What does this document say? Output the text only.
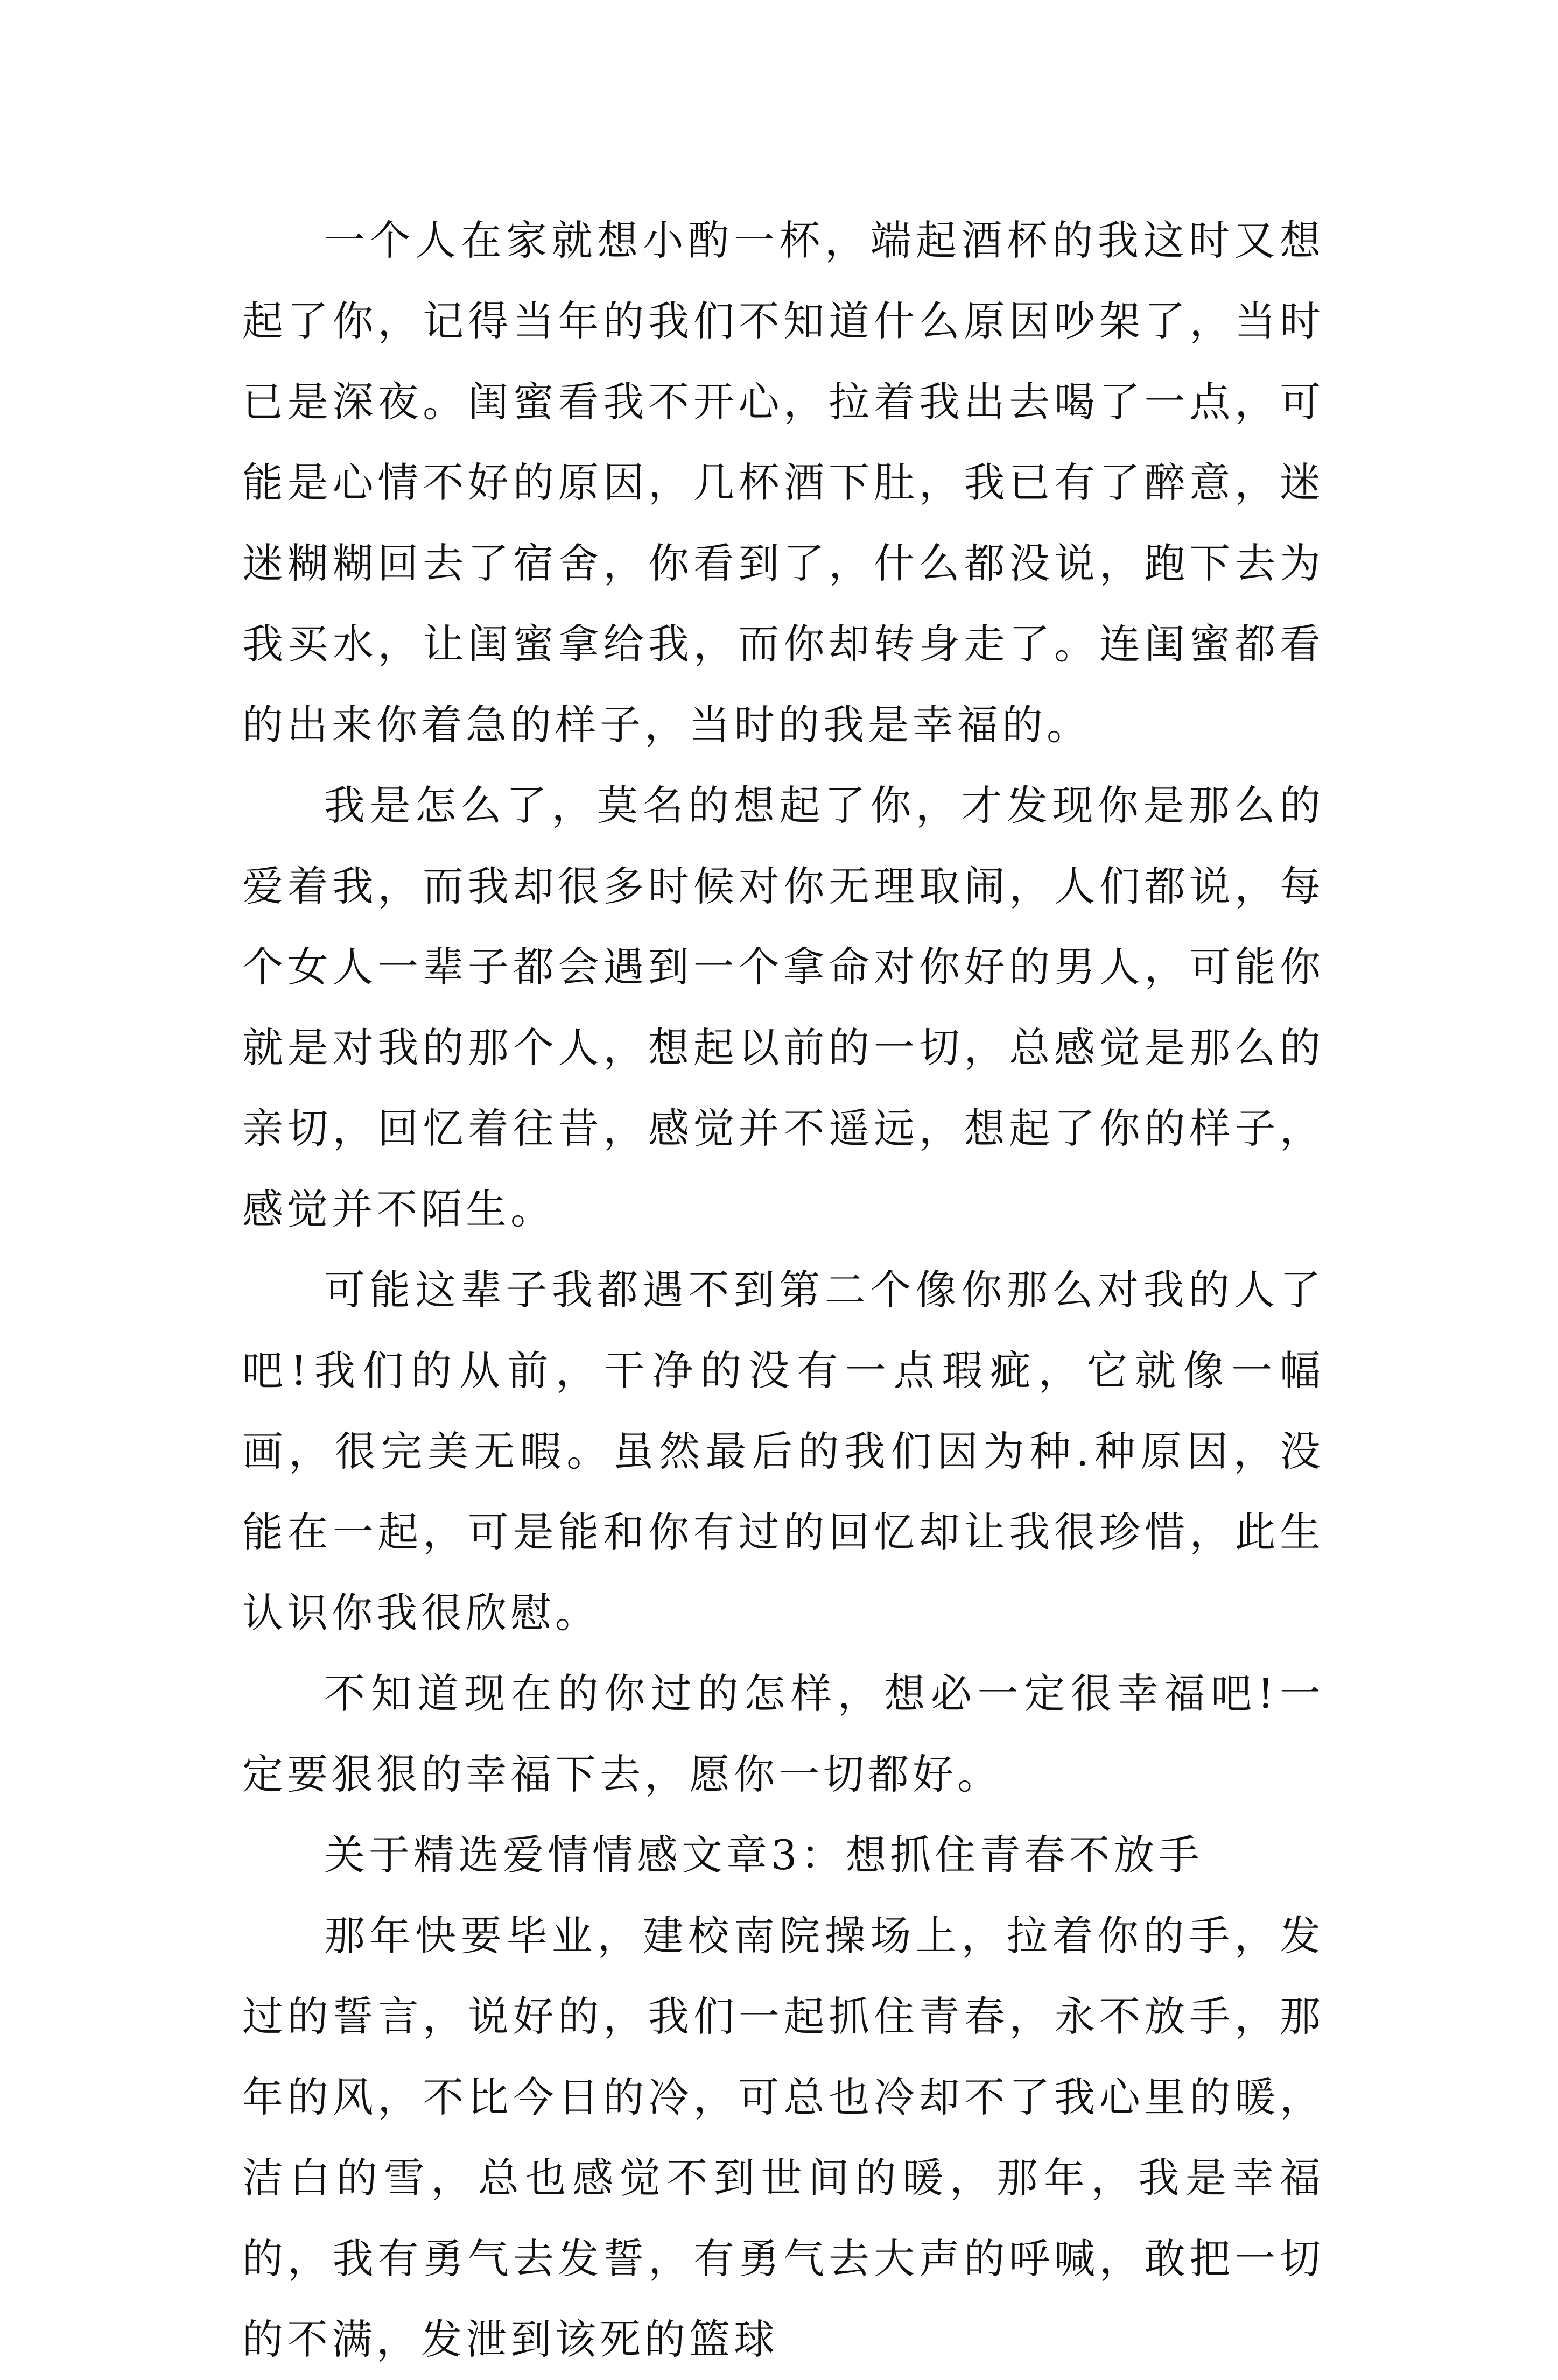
一个人在家就想小酌一杯，端起酒杯的我这时又想起了你，记得当年的我们不知道什么原因吵架了，当时已是深夜。闺蜜看我不开心，拉着我出去喝了一点，可能是心情不好的原因，几杯酒下肚，我已有了醉意，迷迷糊糊回去了宿舍，你看到了，什么都没说，跑下去为我买水，让闺蜜拿给我，而你却转身走了。连闺蜜都看的出来你着急的样子，当时的我是幸福的。

我是怎么了，莫名的想起了你，才发现你是那么的爱着我，而我却很多时候对你无理取闹，人们都说，每个女人一辈子都会遇到一个拿命对你好的男人，可能你就是对我的那个人，想起以前的一切，总感觉是那么的亲切，回忆着往昔，感觉并不遥远，想起了你的样子，感觉并不陌生。

可能这辈子我都遇不到第二个像你那么对我的人了吧!我们的从前，干净的没有一点瑕疵，它就像一幅画，很完美无暇。虽然最后的我们因为种.种原因，没能在一起，可是能和你有过的回忆却让我很珍惜，此生认识你我很欣慰。

不知道现在的你过的怎样，想必一定很幸福吧!一定要狠狠的幸福下去，愿你一切都好。

关于精选爱情情感文章3：想抓住青春不放手

那年快要毕业，建校南院操场上，拉着你的手，发过的誓言，说好的，我们一起抓住青春，永不放手，那年的风，不比今日的冷，可总也冷却不了我心里的暖，洁白的雪，总也感觉不到世间的暖，那年，我是幸福的，我有勇气去发誓，有勇气去大声的呼喊，敢把一切的不满，发泄到该死的篮球
